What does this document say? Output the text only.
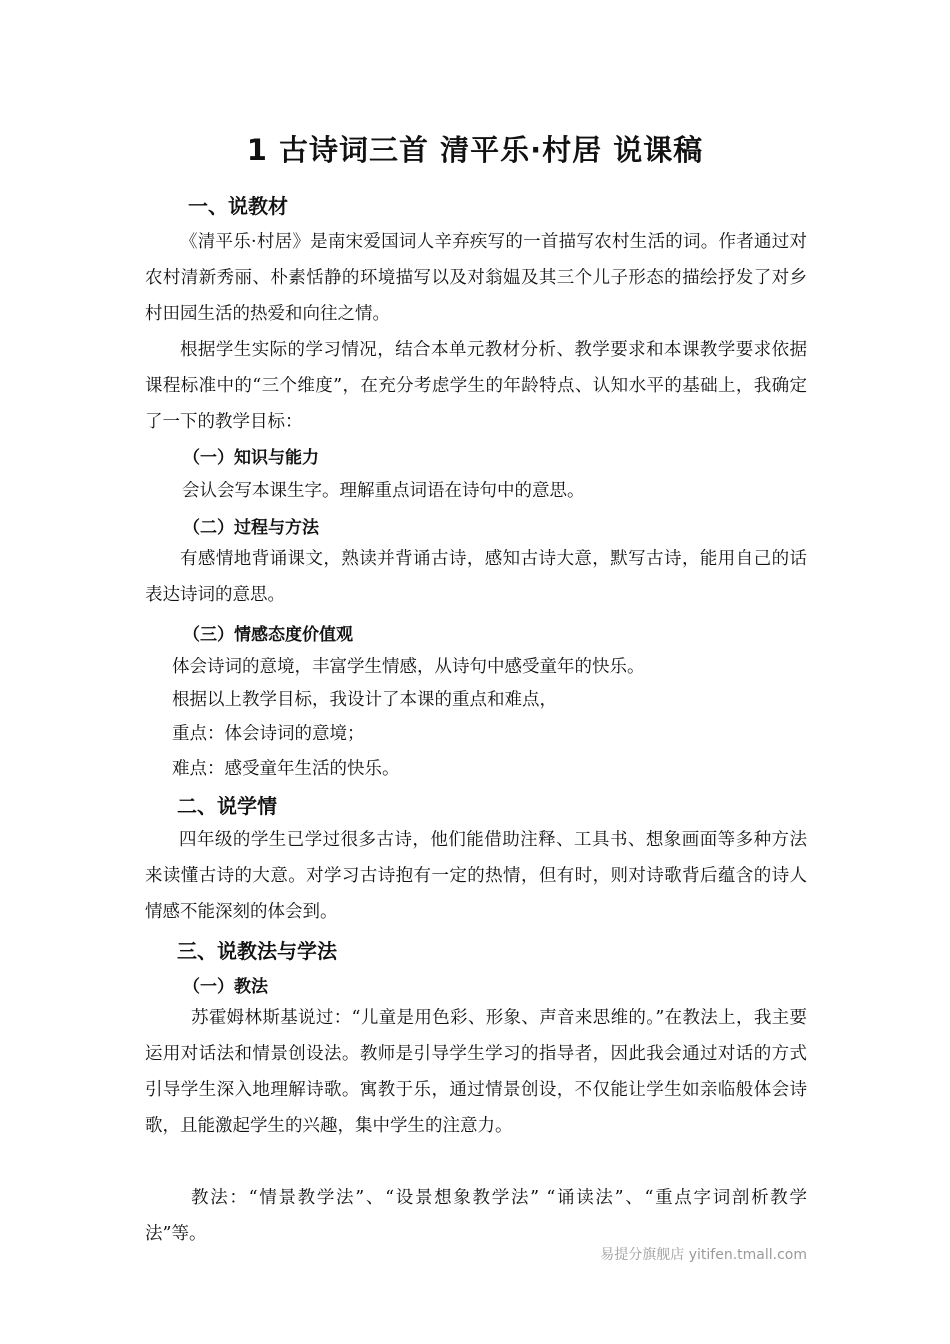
1 古诗词三首 清平乐·村居 说课稿
一、说教材
《清平乐·村居》是南宋爱国词人辛弃疾写的一首描写农村生活的词。作者通过对农村清新秀丽、朴素恬静的环境描写以及对翁媪及其三个儿子形态的描绘抒发了对乡村田园生活的热爱和向往之情。
根据学生实际的学习情况，结合本单元教材分析、教学要求和本课教学要求依据课程标准中的“三个维度”，在充分考虑学生的年龄特点、认知水平的基础上，我确定了一下的教学目标：
（一）知识与能力
会认会写本课生字。理解重点词语在诗句中的意思。
（二）过程与方法
有感情地背诵课文，熟读并背诵古诗，感知古诗大意，默写古诗，能用自己的话表达诗词的意思。
（三）情感态度价值观
体会诗词的意境，丰富学生情感，从诗句中感受童年的快乐。
根据以上教学目标，我设计了本课的重点和难点，
重点：体会诗词的意境；
难点：感受童年生活的快乐。
二、说学情
四年级的学生已学过很多古诗，他们能借助注释、工具书、想象画面等多种方法来读懂古诗的大意。对学习古诗抱有一定的热情，但有时，则对诗歌背后蕴含的诗人情感不能深刻的体会到。
三、说教法与学法
（一）教法
苏霍姆林斯基说过：“儿童是用色彩、形象、声音来思维的。”在教法上，我主要运用对话法和情景创设法。教师是引导学生学习的指导者，因此我会通过对话的方式引导学生深入地理解诗歌。寓教于乐，通过情景创设，不仅能让学生如亲临般体会诗歌，且能激起学生的兴趣，集中学生的注意力。
教法：“情景教学法”、“设景想象教学法” “诵读法”、“重点字词剖析教学法”等。
易提分旗舰店 yitifen.tmall.com
